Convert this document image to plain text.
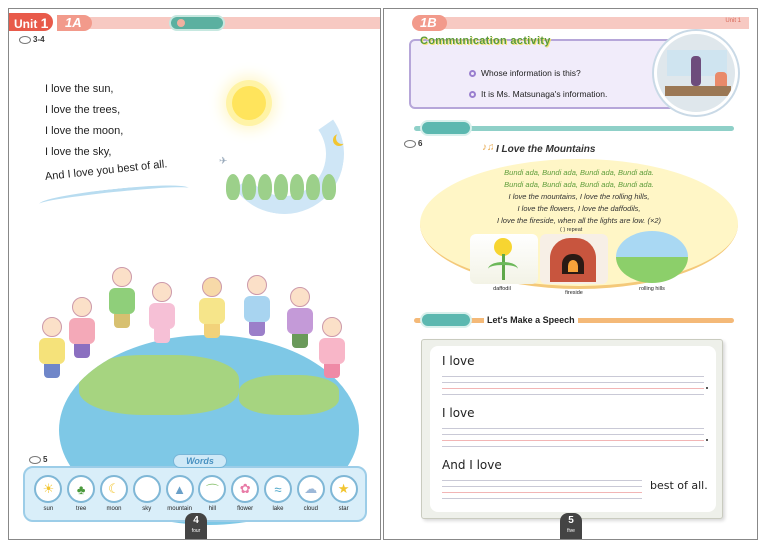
Unit 1	1A
3-4
I love the sun,
I love the trees,
I love the moon,
I love the sky,
And I love you best of all.	✈
5
☀
sun
♣
tree
☾
moon	sky
▲
mountain
⌒
hill
✿
flower
≈
lake
☁
cloud
★
star
Words
4
four
1B	Unit 1
Communication activity
Whose information is this?
It is Ms. Matsunaga's information.
6	♪♫ I Love the Mountains
Bundi ada, Bundi ada, Bundi ada, Bundi ada.
Bundi ada, Bundi ada, Bundi ada, Bundi ada.
I love the mountains, I love the rolling hills,
I love the flowers, I love the daffodils,
I love the fireside, when all the lights are low. (×2)
( ) repeat
daffodil
fireside
rolling hills
Let's Make a Speech
I love
I love
And I love
best of all.
5
five
